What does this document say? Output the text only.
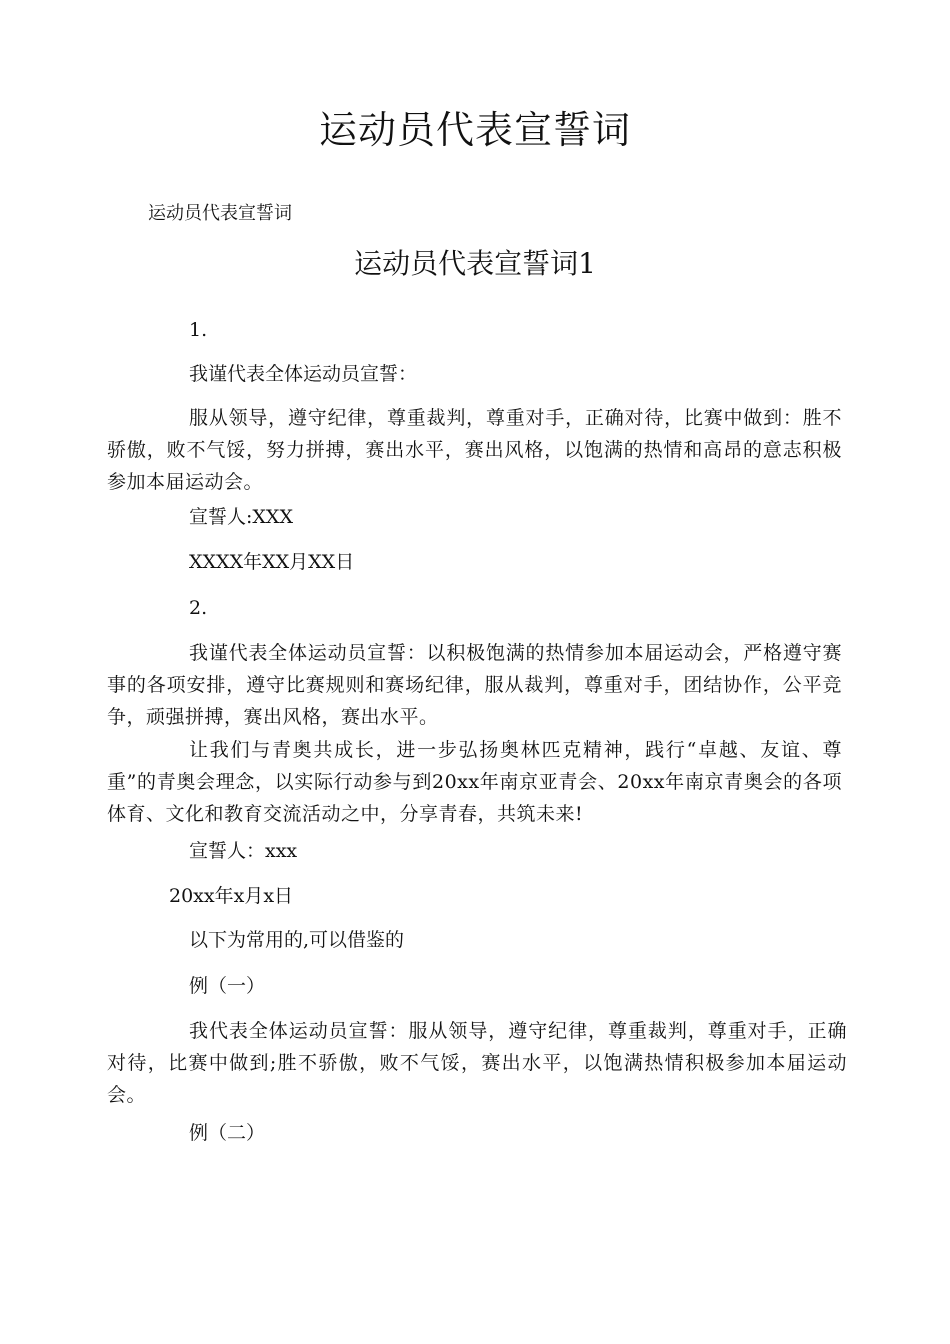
运动员代表宣誓词
运动员代表宣誓词
运动员代表宣誓词1
1.
我谨代表全体运动员宣誓：
服从领导，遵守纪律，尊重裁判，尊重对手，正确对待，比赛中做到：胜不骄傲，败不气馁，努力拼搏，赛出水平，赛出风格，以饱满的热情和高昂的意志积极参加本届运动会。
宣誓人:XXX
XXXX年XX月XX日
2.
我谨代表全体运动员宣誓：以积极饱满的热情参加本届运动会，严格遵守赛事的各项安排，遵守比赛规则和赛场纪律，服从裁判，尊重对手，团结协作，公平竞争，顽强拼搏，赛出风格，赛出水平。
让我们与青奥共成长，进一步弘扬奥林匹克精神，践行“卓越、友谊、尊重”的青奥会理念，以实际行动参与到20xx年南京亚青会、20xx年南京青奥会的各项体育、文化和教育交流活动之中，分享青春，共筑未来!
宣誓人：xxx
20xx年x月x日
以下为常用的,可以借鉴的
例（一）
我代表全体运动员宣誓：服从领导，遵守纪律，尊重裁判，尊重对手，正确对待，比赛中做到;胜不骄傲，败不气馁，赛出水平，以饱满热情积极参加本届运动会。
例（二）
